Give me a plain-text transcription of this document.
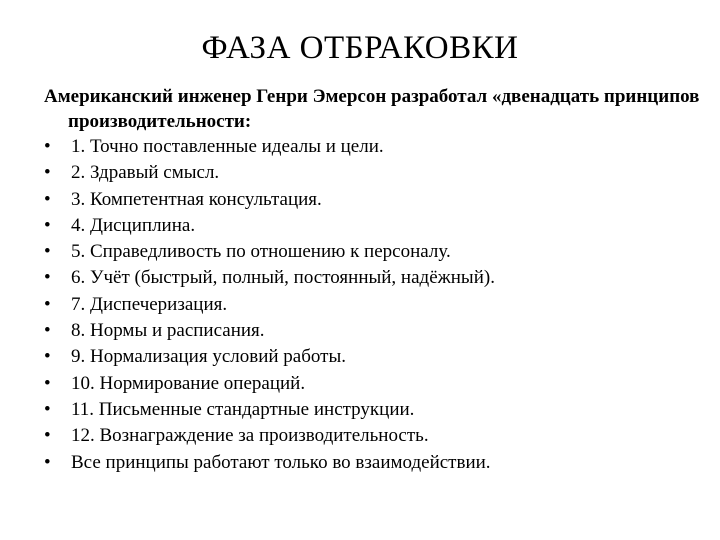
ФАЗА ОТБРАКОВКИ

Американский инженер Генри Эмерсон разработал «двенадцать принципов производительности:

• 1. Точно поставленные идеалы и цели.
• 2. Здравый смысл.
• 3. Компетентная консультация.
• 4. Дисциплина.
• 5. Справедливость по отношению к персоналу.
• 6. Учёт (быстрый, полный, постоянный, надёжный).
• 7. Диспечеризация.
• 8. Нормы и расписания.
• 9. Нормализация условий работы.
• 10. Нормирование операций.
• 11. Письменные стандартные инструкции.
• 12. Вознаграждение за производительность.
• Все принципы работают только во взаимодействии.
